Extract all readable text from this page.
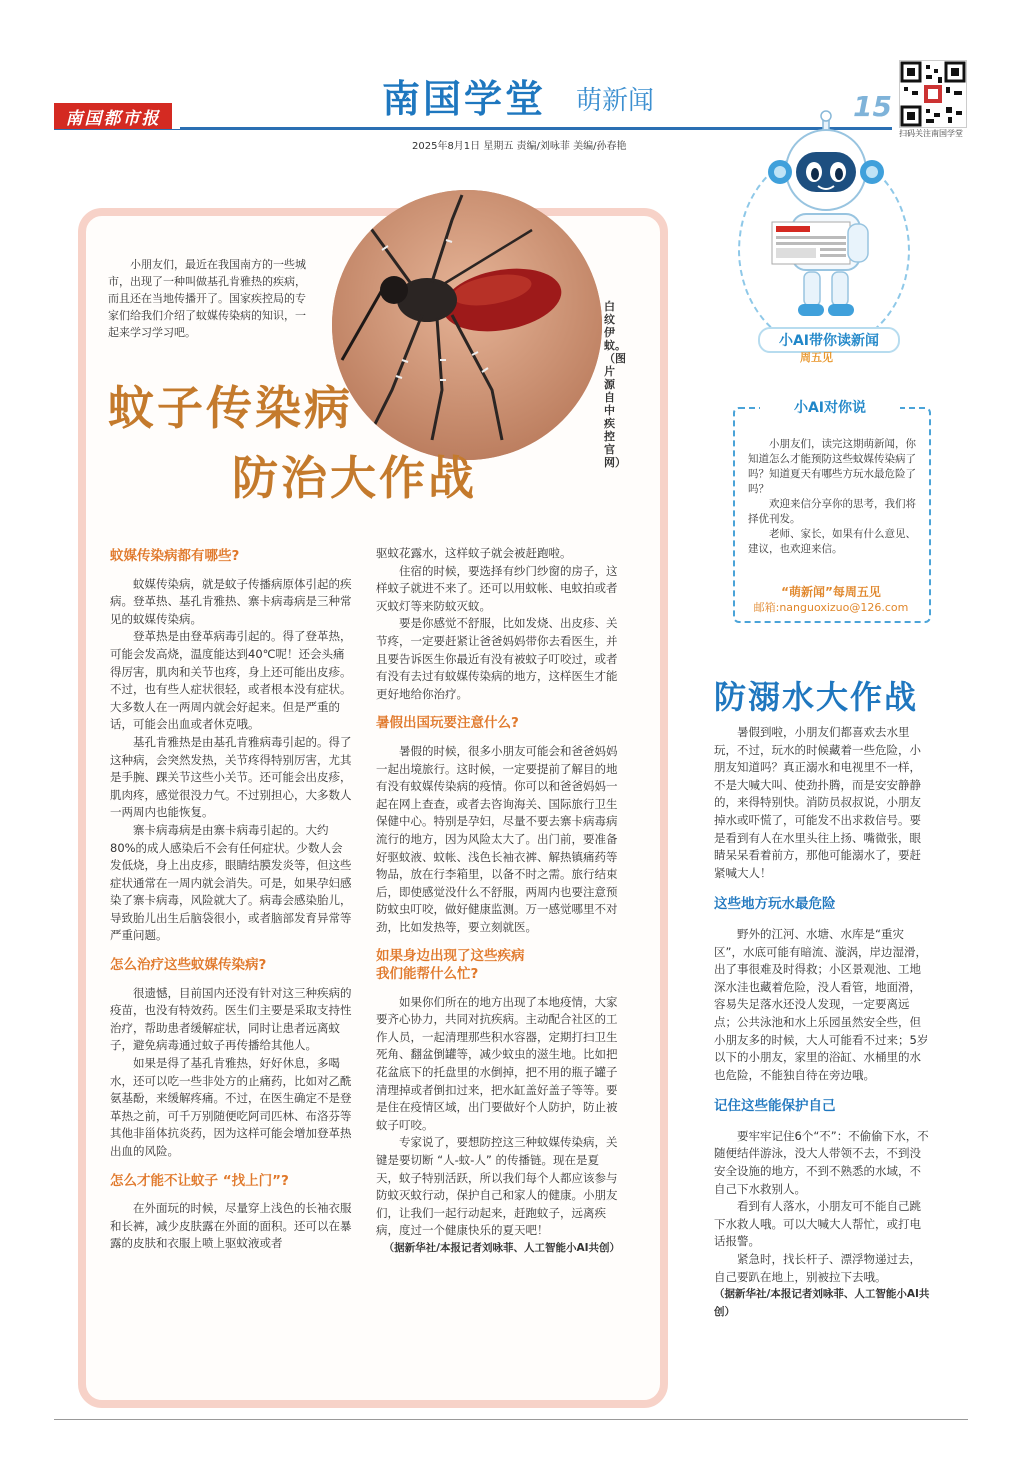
南国都市报	南国学堂 萌新闻	15
2025年8月1日 星期五 责编/刘咏菲 美编/孙春艳
扫码关注南国学堂
小AI带你读新闻
周五见
小AI对你说

小朋友们，读完这期萌新闻，你知道怎么才能预防这些蚊媒传染病了吗？知道夏天有哪些方玩水最危险了吗？

欢迎来信分享你的思考，我们将择优刊发。

老师、家长，如果有什么意见、建议，也欢迎来信。

“萌新闻”每周五见
邮箱:nanguoxizuo@126.com
白纹伊蚊。（图片源自中疾控官网）

小朋友们，最近在我国南方的一些城市，出现了一种叫做基孔肯雅热的疾病，而且还在当地传播开了。国家疾控局的专家们给我们介绍了蚊媒传染病的知识，一起来学习学习吧。

蚊子传染病
防治大作战
蚊媒传染病都有哪些?

蚊媒传染病，就是蚊子传播病原体引起的疾病。登革热、基孔肯雅热、寨卡病毒病是三种常见的蚊媒传染病。

登革热是由登革病毒引起的。得了登革热，可能会发高烧，温度能达到40℃呢！还会头痛得厉害，肌肉和关节也疼，身上还可能出皮疹。不过，也有些人症状很轻，或者根本没有症状。大多数人在一两周内就会好起来。但是严重的话，可能会出血或者休克哦。

基孔肯雅热是由基孔肯雅病毒引起的。得了这种病，会突然发热，关节疼得特别厉害，尤其是手腕、踝关节这些小关节。还可能会出皮疹，肌肉疼，感觉很没力气。不过别担心，大多数人一两周内也能恢复。

寨卡病毒病是由寨卡病毒引起的。大约80%的成人感染后不会有任何症状。少数人会发低烧，身上出皮疹，眼睛结膜发炎等，但这些症状通常在一周内就会消失。可是，如果孕妇感染了寨卡病毒，风险就大了。病毒会感染胎儿，导致胎儿出生后脑袋很小，或者脑部发育异常等严重问题。

怎么治疗这些蚊媒传染病?

很遗憾，目前国内还没有针对这三种疾病的疫苗，也没有特效药。医生们主要是采取支持性治疗，帮助患者缓解症状，同时让患者远离蚊子，避免病毒通过蚊子再传播给其他人。

如果是得了基孔肯雅热，好好休息，多喝水，还可以吃一些非处方的止痛药，比如对乙酰氨基酚，来缓解疼痛。不过，在医生确定不是登革热之前，可千万别随便吃阿司匹林、布洛芬等其他非甾体抗炎药，因为这样可能会增加登革热出血的风险。

怎么才能不让蚊子 “找上门”?

在外面玩的时候，尽量穿上浅色的长袖衣服和长裤，减少皮肤露在外面的面积。还可以在暴露的皮肤和衣服上喷上驱蚊液或者

驱蚊花露水，这样蚊子就会被赶跑啦。

住宿的时候，要选择有纱门纱窗的房子，这样蚊子就进不来了。还可以用蚊帐、电蚊拍或者灭蚊灯等来防蚊灭蚊。

要是你感觉不舒服，比如发烧、出皮疹、关节疼，一定要赶紧让爸爸妈妈带你去看医生，并且要告诉医生你最近有没有被蚊子叮咬过，或者有没有去过有蚊媒传染病的地方，这样医生才能更好地给你治疗。

暑假出国玩要注意什么?

暑假的时候，很多小朋友可能会和爸爸妈妈一起出境旅行。这时候，一定要提前了解目的地有没有蚊媒传染病的疫情。你可以和爸爸妈妈一起在网上查查，或者去咨询海关、国际旅行卫生保健中心。特别是孕妇，尽量不要去寨卡病毒病流行的地方，因为风险太大了。出门前，要准备好驱蚊液、蚊帐、浅色长袖衣裤、解热镇痛药等物品，放在行李箱里，以备不时之需。旅行结束后，即使感觉没什么不舒服，两周内也要注意预防蚊虫叮咬，做好健康监测。万一感觉哪里不对劲，比如发热等，要立刻就医。

如果身边出现了这些疾病
我们能帮什么忙?

如果你们所在的地方出现了本地疫情，大家要齐心协力，共同对抗疾病。主动配合社区的工作人员，一起清理那些积水容器，定期打扫卫生死角、翻盆倒罐等，减少蚊虫的滋生地。比如把花盆底下的托盘里的水倒掉，把不用的瓶子罐子清理掉或者倒扣过来，把水缸盖好盖子等等。要是住在疫情区域，出门要做好个人防护，防止被蚊子叮咬。

专家说了，要想防控这三种蚊媒传染病，关键是要切断 “人-蚊-人” 的传播链。现在是夏天，蚊子特别活跃，所以我们每个人都应该参与防蚊灭蚊行动，保护自己和家人的健康。小朋友们，让我们一起行动起来，赶跑蚊子，远离疾病，度过一个健康快乐的夏天吧！

（据新华社/本报记者刘咏菲、人工智能小AI共创）

防溺水大作战

暑假到啦，小朋友们都喜欢去水里玩，不过，玩水的时候藏着一些危险，小朋友知道吗？真正溺水和电视里不一样，不是大喊大叫、使劲扑腾，而是安安静静的，来得特别快。消防员叔叔说，小朋友掉水或吓慌了，可能发不出求救信号。要是看到有人在水里头往上扬、嘴微张，眼睛呆呆看着前方，那他可能溺水了，要赶紧喊大人！

这些地方玩水最危险

野外的江河、水塘、水库是“重灾区”，水底可能有暗流、漩涡，岸边湿滑，出了事很难及时得救；小区景观池、工地深水洼也藏着危险，没人看管，地面滑，容易失足落水还没人发现，一定要离远点；公共泳池和水上乐园虽然安全些，但小朋友多的时候，大人可能看不过来；5岁以下的小朋友，家里的浴缸、水桶里的水也危险，不能独自待在旁边哦。

记住这些能保护自己

要牢牢记住6个“不”：不偷偷下水，不随便结伴游泳，没大人带领不去，不到没安全设施的地方，不到不熟悉的水域，不自己下水救别人。

看到有人落水，小朋友可不能自己跳下水救人哦。可以大喊大人帮忙，或打电话报警。

紧急时，找长杆子、漂浮物递过去，自己要趴在地上，别被拉下去哦。

（据新华社/本报记者刘咏菲、人工智能小AI共创）
